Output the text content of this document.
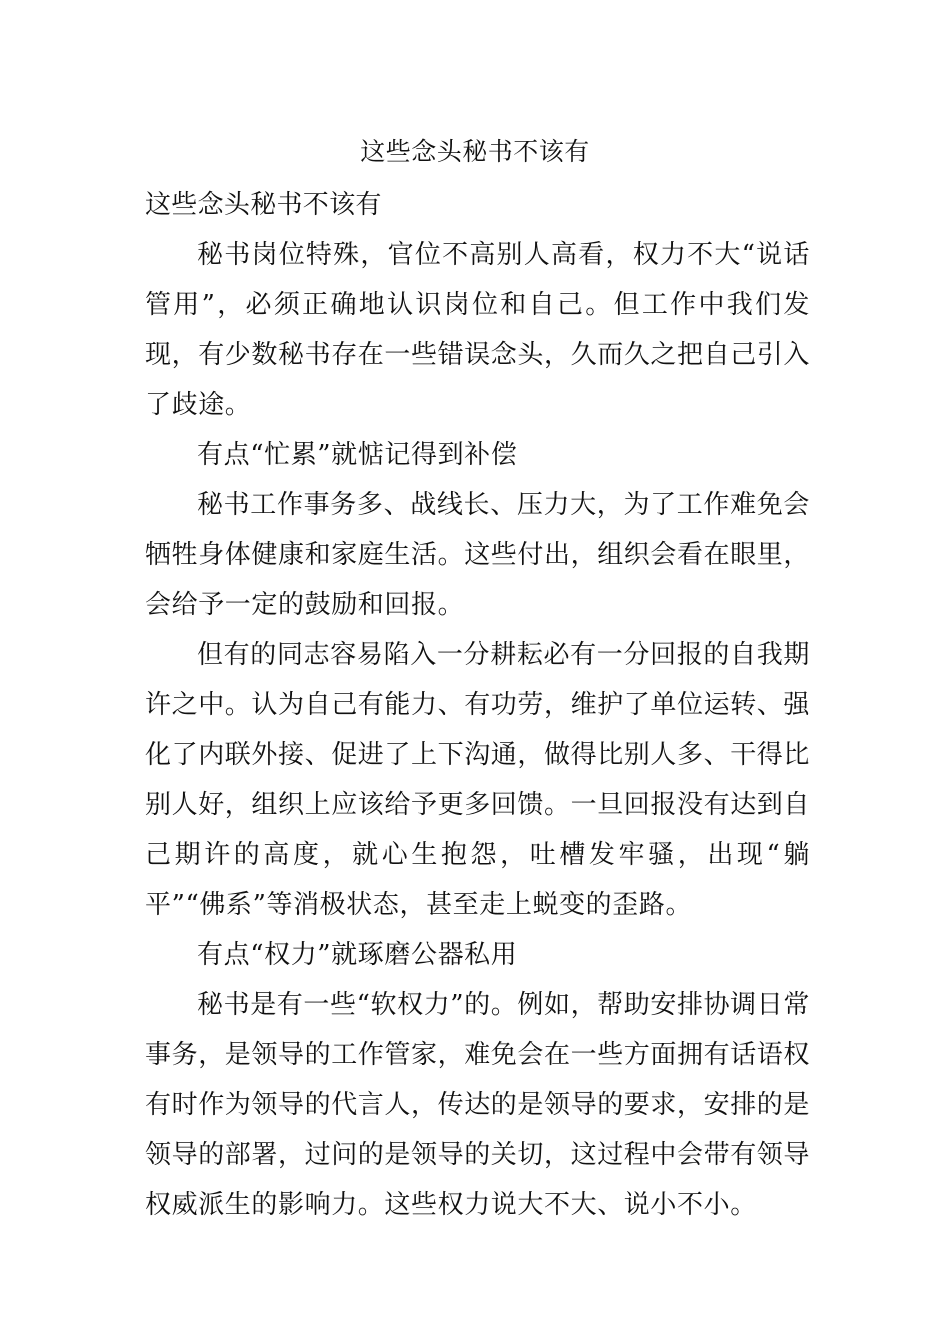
这些念头秘书不该有

这些念头秘书不该有

秘书岗位特殊，官位不高别人高看，权力不大“说话管用”，必须正确地认识岗位和自己。但工作中我们发现，有少数秘书存在一些错误念头，久而久之把自己引入了歧途。

有点“忙累”就惦记得到补偿

秘书工作事务多、战线长、压力大，为了工作难免会牺牲身体健康和家庭生活。这些付出，组织会看在眼里，会给予一定的鼓励和回报。

但有的同志容易陷入一分耕耘必有一分回报的自我期许之中。认为自己有能力、有功劳，维护了单位运转、强化了内联外接、促进了上下沟通，做得比别人多、干得比别人好，组织上应该给予更多回馈。一旦回报没有达到自己期许的高度，就心生抱怨，吐槽发牢骚，出现“躺平”“佛系”等消极状态，甚至走上蜕变的歪路。

有点“权力”就琢磨公器私用

秘书是有一些“软权力”的。例如，帮助安排协调日常事务，是领导的工作管家，难免会在一些方面拥有话语权有时作为领导的代言人，传达的是领导的要求，安排的是领导的部署，过问的是领导的关切，这过程中会带有领导权威派生的影响力。这些权力说大不大、说小不小。
